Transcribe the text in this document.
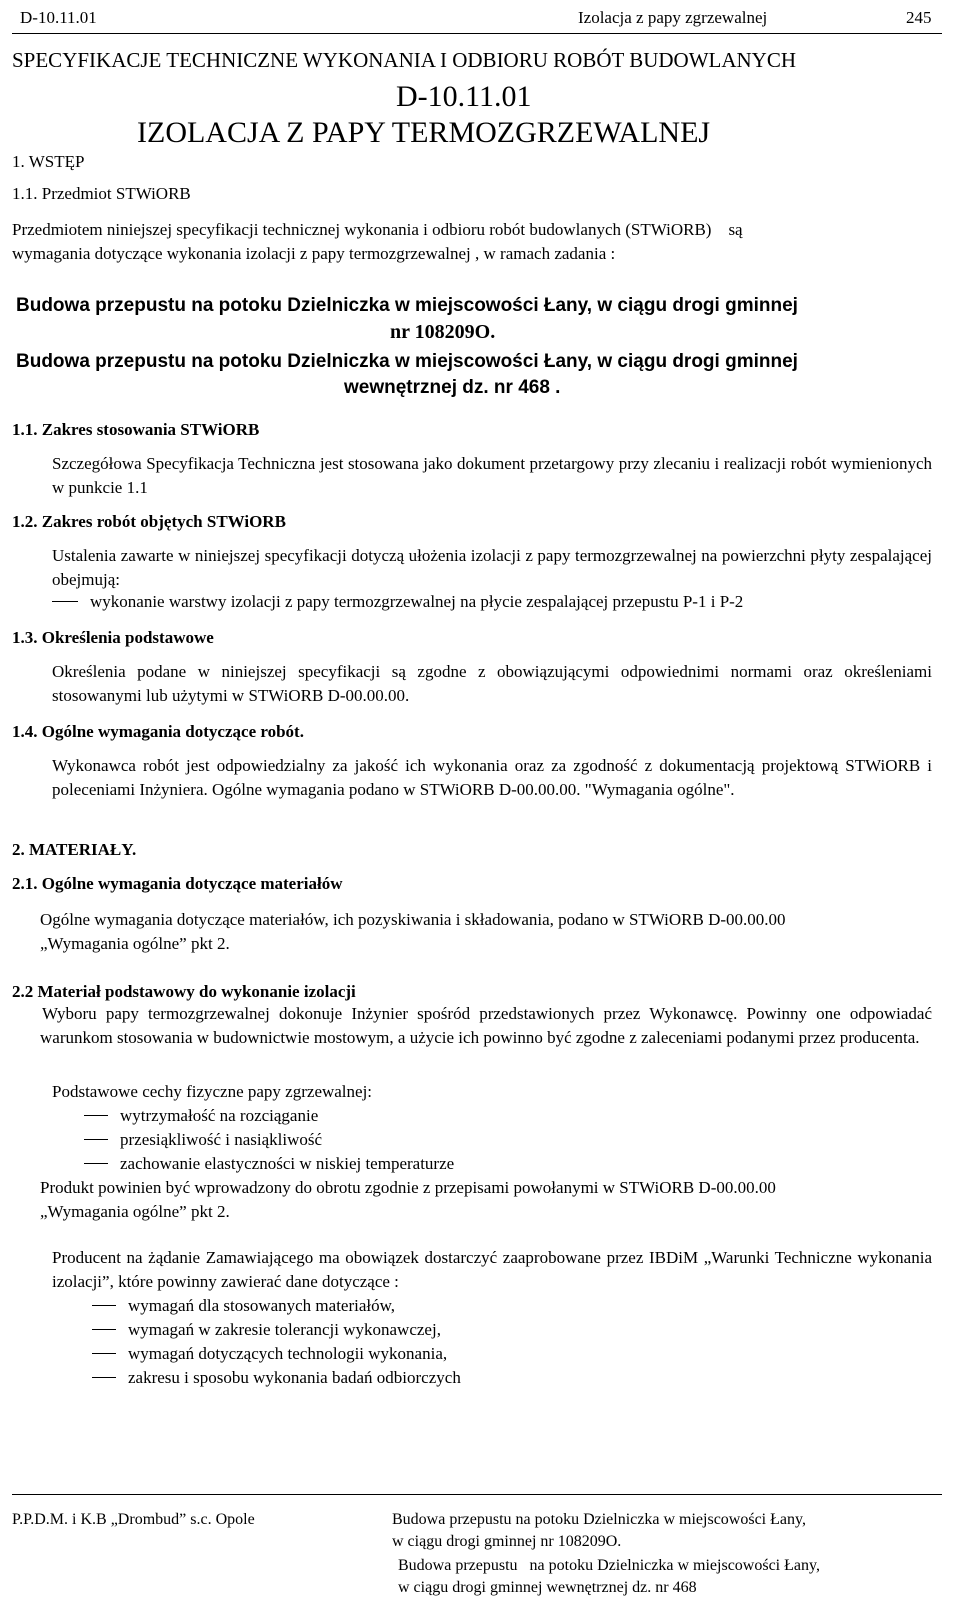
D-10.11.01	Izolacja z papy zgrzewalnej	245
SPECYFIKACJE TECHNICZNE WYKONANIA I ODBIORU ROBÓT BUDOWLANYCH
D-10.11.01
IZOLACJA Z PAPY TERMOZGRZEWALNEJ
1. WSTĘP
1.1. Przedmiot STWiORB
Przedmiotem niniejszej specyfikacji technicznej wykonania i odbioru robót budowlanych (STWiORB)    są
wymagania dotyczące wykonania izolacji z papy termozgrzewalnej , w ramach zadania :
Budowa przepustu na potoku Dzielniczka w miejscowości Łany, w ciągu drogi gminnej
nr 108209O.
Budowa przepustu na potoku Dzielniczka w miejscowości Łany, w ciągu drogi gminnej
wewnętrznej dz. nr 468 .
1.1. Zakres stosowania STWiORB
Szczegółowa Specyfikacja Techniczna jest stosowana jako dokument przetargowy przy zlecaniu i realizacji robót wymienionych w punkcie 1.1
1.2. Zakres robót objętych STWiORB
Ustalenia zawarte w niniejszej specyfikacji dotyczą ułożenia izolacji z papy termozgrzewalnej na powierzchni płyty zespalającej obejmują:
wykonanie warstwy izolacji z papy termozgrzewalnej na płycie zespalającej przepustu P-1 i P-2
1.3. Określenia podstawowe
Określenia podane w niniejszej specyfikacji są zgodne z obowiązującymi odpowiednimi normami oraz określeniami stosowanymi lub użytymi w STWiORB D-00.00.00.
1.4. Ogólne wymagania dotyczące robót.
Wykonawca robót jest odpowiedzialny za jakość ich wykonania oraz za zgodność z dokumentacją projektową STWiORB i poleceniami Inżyniera. Ogólne wymagania podano w STWiORB D-00.00.00. "Wymagania ogólne".
2. MATERIAŁY.
2.1. Ogólne wymagania dotyczące materiałów
Ogólne wymagania dotyczące materiałów, ich pozyskiwania i składowania, podano w STWiORB D-00.00.00
„Wymagania ogólne” pkt 2.
2.2 Materiał podstawowy do wykonanie izolacji
Wyboru papy termozgrzewalnej dokonuje Inżynier spośród przedstawionych przez Wykonawcę. Powinny one odpowiadać warunkom stosowania w budownictwie mostowym, a użycie ich powinno być zgodne z zaleceniami podanymi przez producenta.
Podstawowe cechy fizyczne papy zgrzewalnej:
wytrzymałość na rozciąganie
przesiąkliwość i nasiąkliwość
zachowanie elastyczności w niskiej temperaturze
Produkt powinien być wprowadzony do obrotu zgodnie z przepisami powołanymi w STWiORB D-00.00.00
„Wymagania ogólne” pkt 2.
Producent na żądanie Zamawiającego ma obowiązek dostarczyć zaaprobowane przez IBDiM „Warunki Techniczne wykonania izolacji”, które powinny zawierać dane dotyczące :
wymagań dla stosowanych materiałów,
wymagań w zakresie tolerancji wykonawczej,
wymagań dotyczących technologii wykonania,
zakresu i sposobu wykonania badań odbiorczych
P.P.D.M. i K.B „Drombud” s.c. Opole	Budowa przepustu na potoku Dzielniczka w miejscowości Łany,
w ciągu drogi gminnej nr 108209O.
Budowa przepustu   na potoku Dzielniczka w miejscowości Łany,
w ciągu drogi gminnej wewnętrznej dz. nr 468
